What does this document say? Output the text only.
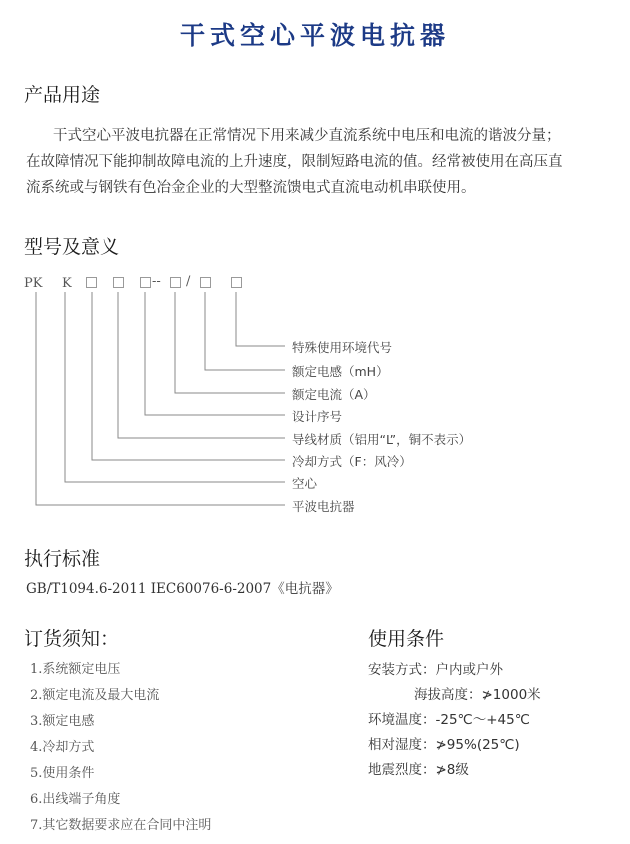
干式空心平波电抗器
产品用途
干式空心平波电抗器在正常情况下用来减少直流系统中电压和电流的谐波分量；
在故障情况下能抑制故障电流的上升速度，限制短路电流的值。经常被使用在高压直
流系统或与钢铁有色冶金企业的大型整流馈电式直流电动机串联使用。
型号及意义
PK K	-- /
特殊使用环境代号
额定电感（mH）
额定电流（A）
设计序号
导线材质（铝用“L”，铜不表示）
冷却方式（F：风冷）
空心
平波电抗器
执行标准
GB/T1094.6-2011 IEC60076-6-2007《电抗器》
订货须知：
1.系统额定电压
2.额定电流及最大电流
3.额定电感
4.冷却方式
5.使用条件
6.出线端子角度
7.其它数据要求应在合同中注明
使用条件
安装方式：户内或户外
海拔高度：≯1000米
环境温度：-25℃～+45℃
相对湿度：≯95%(25℃)
地震烈度：≯8级
